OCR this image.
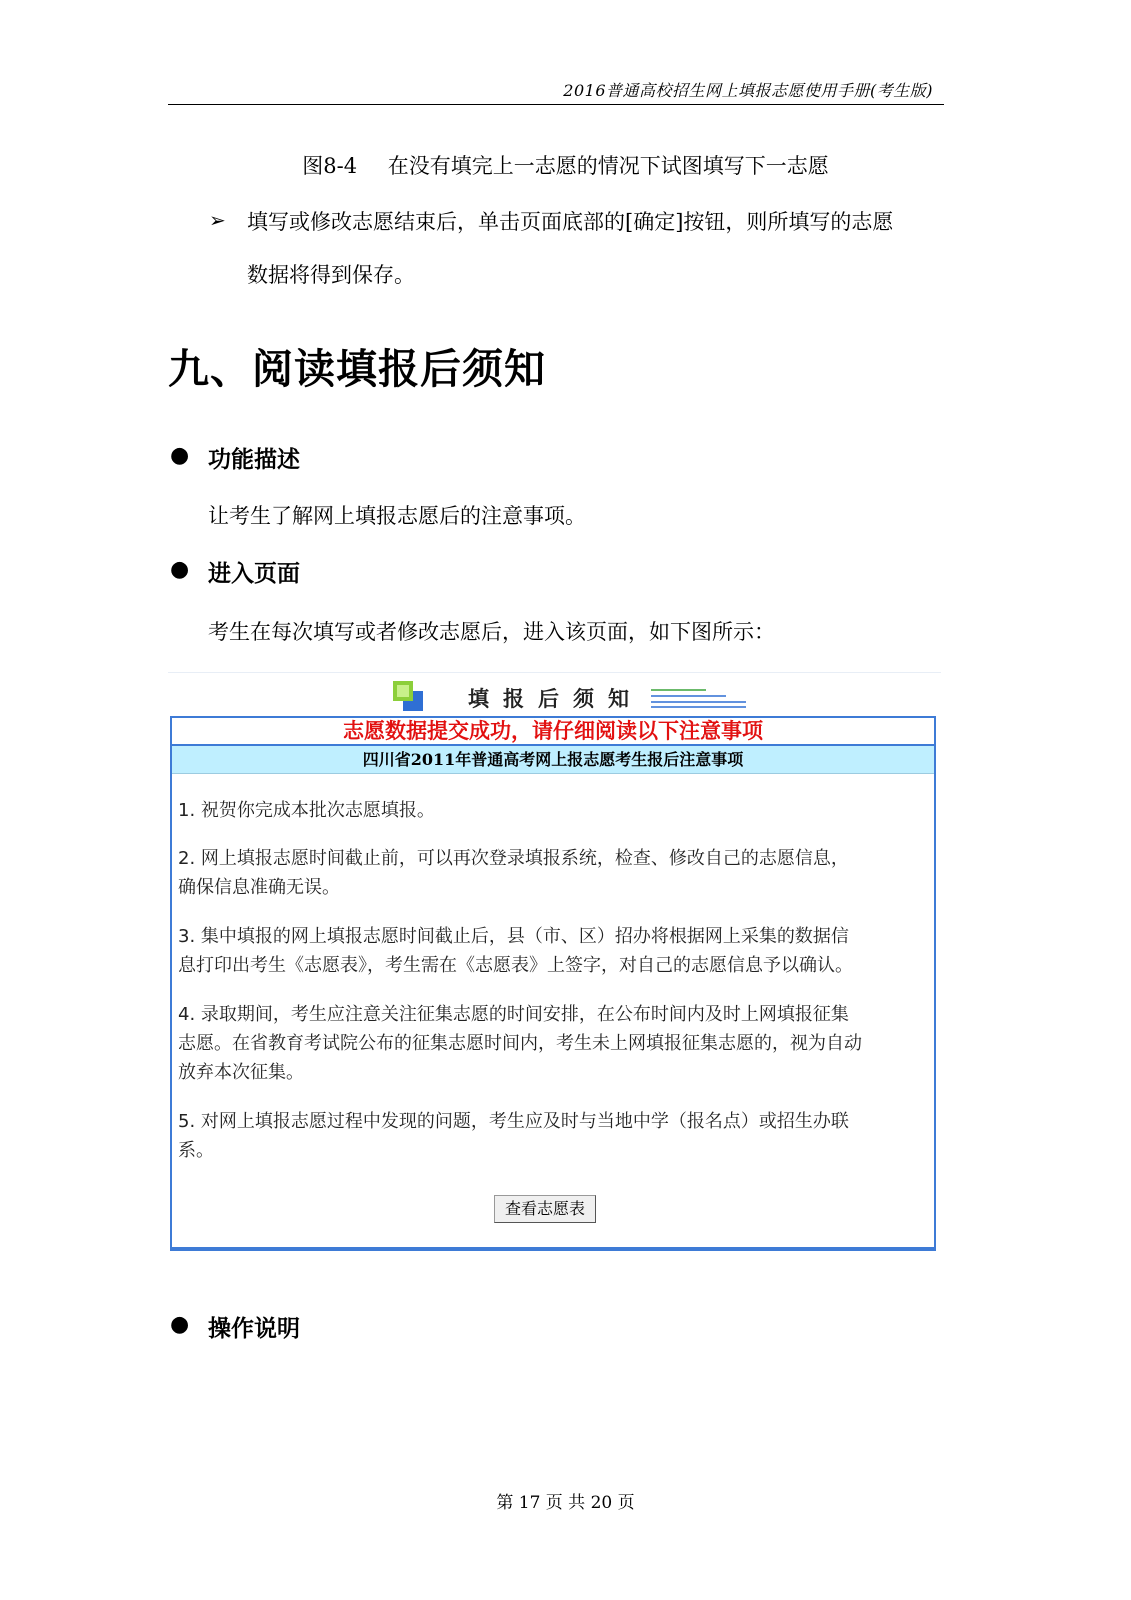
2016普通高校招生网上填报志愿使用手册(考生版)
图8-4 在没有填完上一志愿的情况下试图填写下一志愿
➢ 填写或修改志愿结束后，单击页面底部的[确定]按钮，则所填写的志愿
数据将得到保存。
九、阅读填报后须知
● 功能描述
让考生了解网上填报志愿后的注意事项。
● 进入页面
考生在每次填写或者修改志愿后，进入该页面，如下图所示：
填报后须知
志愿数据提交成功，请仔细阅读以下注意事项
四川省2011年普通高考网上报志愿考生报后注意事项
1. 祝贺你完成本批次志愿填报。
2. 网上填报志愿时间截止前，可以再次登录填报系统，检查、修改自己的志愿信息，
确保信息准确无误。
3. 集中填报的网上填报志愿时间截止后，县（市、区）招办将根据网上采集的数据信
息打印出考生《志愿表》，考生需在《志愿表》上签字，对自己的志愿信息予以确认。
4. 录取期间，考生应注意关注征集志愿的时间安排，在公布时间内及时上网填报征集
志愿。在省教育考试院公布的征集志愿时间内，考生未上网填报征集志愿的，视为自动
放弃本次征集。
5. 对网上填报志愿过程中发现的问题，考生应及时与当地中学（报名点）或招生办联
系。
查看志愿表
● 操作说明
第 17 页 共 20 页
